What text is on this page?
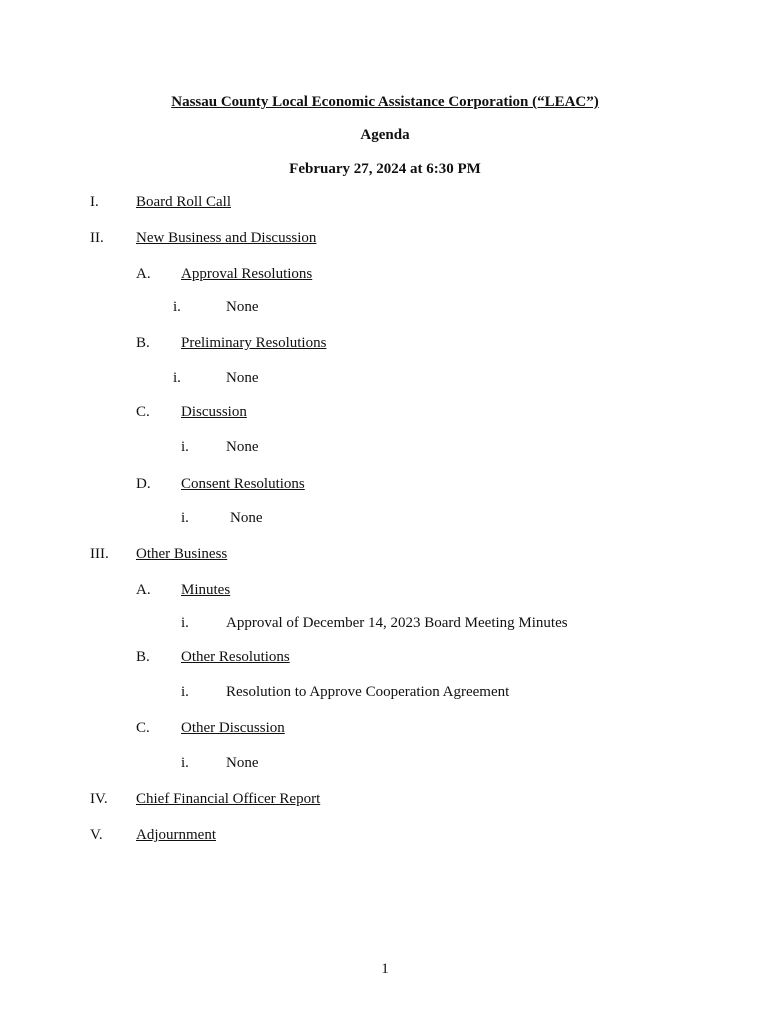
Nassau County Local Economic Assistance Corporation (“LEAC”)
Agenda
February 27, 2024 at 6:30 PM
I. Board Roll Call
II. New Business and Discussion
A. Approval Resolutions
i.	None
B. Preliminary Resolutions
i.	None
C. Discussion
i. None
D. Consent Resolutions
i.	None
III. Other Business
A. Minutes
i. Approval of December 14, 2023 Board Meeting Minutes
B. Other Resolutions
i. Resolution to Approve Cooperation Agreement
C. Other Discussion
i. None
IV. Chief Financial Officer Report
V. Adjournment
1
